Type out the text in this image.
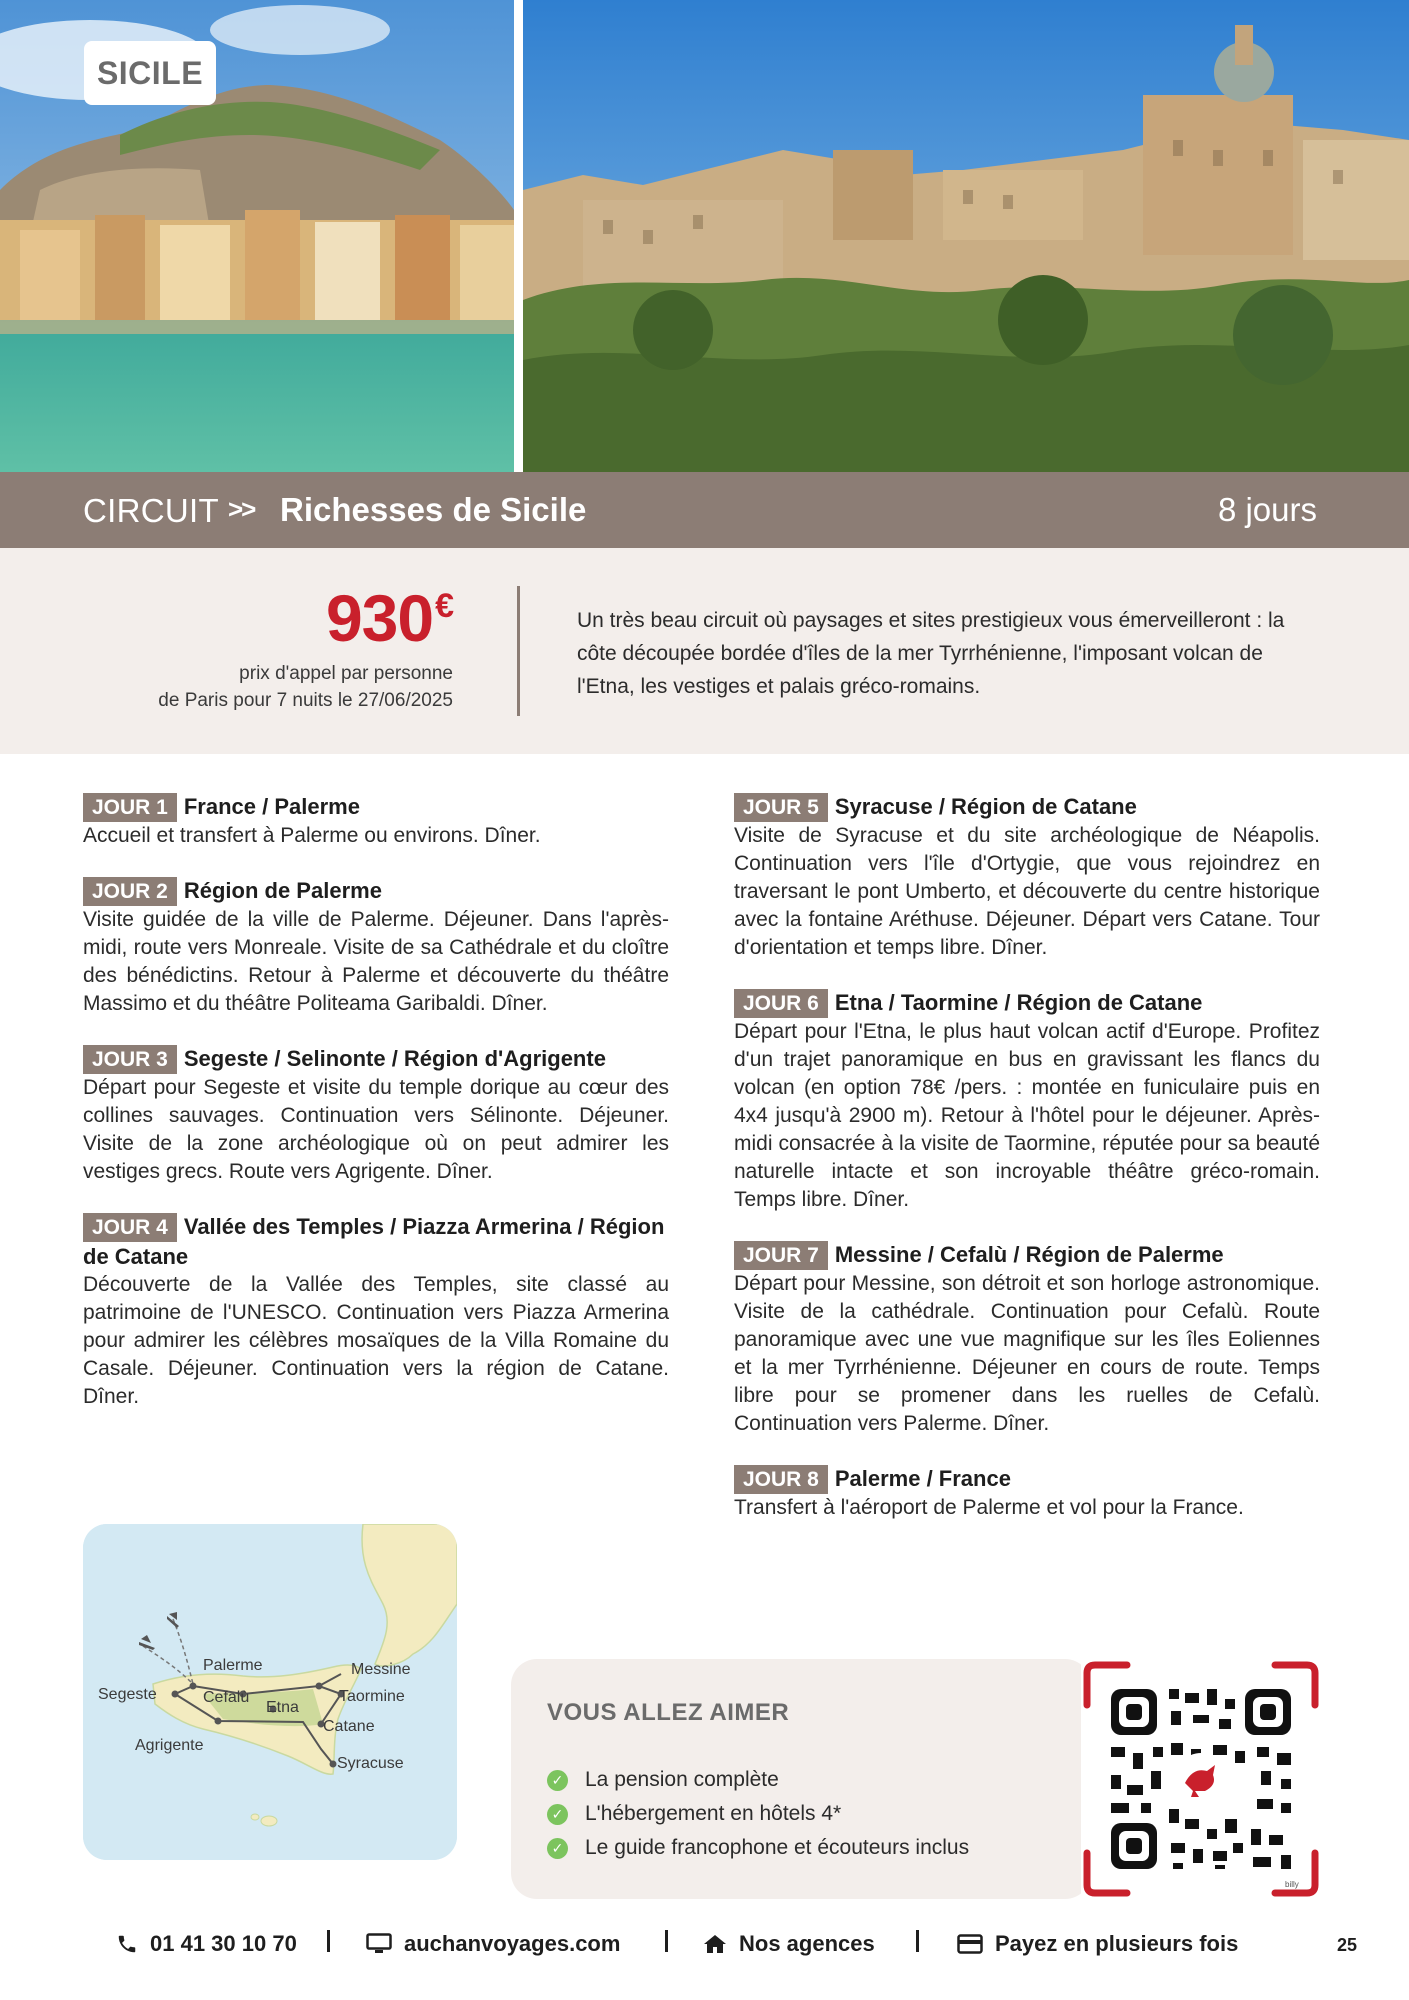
SICILE
CIRCUIT >> Richesses de Sicile	8 jours
930€
prix d'appel par personne
de Paris pour 7 nuits le 27/06/2025

Un très beau circuit où paysages et sites prestigieux vous émerveilleront : la côte découpée bordée d'îles de la mer Tyrrhénienne, l'imposant volcan de l'Etna, les vestiges et palais gréco-romains.

JOUR 1 France / Palerme

Accueil et transfert à Palerme ou environs. Dîner.

JOUR 2 Région de Palerme

Visite guidée de la ville de Palerme. Déjeuner. Dans l'après-midi, route vers Monreale. Visite de sa Cathédrale et du cloître des bénédictins. Retour à Palerme et découverte du théâtre Massimo et du théâtre Politeama Garibaldi. Dîner.

JOUR 3 Segeste / Selinonte / Région d'Agrigente

Départ pour Segeste et visite du temple dorique au cœur des collines sauvages. Continuation vers Sélinonte. Déjeuner. Visite de la zone archéologique où on peut admirer les vestiges grecs. Route vers Agrigente. Dîner.

JOUR 4 Vallée des Temples / Piazza Armerina / Région de Catane

Découverte de la Vallée des Temples, site classé au patrimoine de l'UNESCO. Continuation vers Piazza Armerina pour admirer les célèbres mosaïques de la Villa Romaine du Casale. Déjeuner. Continuation vers la région de Catane. Dîner.

JOUR 5 Syracuse / Région de Catane

Visite de Syracuse et du site archéologique de Néapolis. Continuation vers l'île d'Ortygie, que vous rejoindrez en traversant le pont Umberto, et découverte du centre historique avec la fontaine Aréthuse. Déjeuner. Départ vers Catane. Tour d'orientation et temps libre. Dîner.

JOUR 6 Etna / Taormine / Région de Catane

Départ pour l'Etna, le plus haut volcan actif d'Europe. Profitez d'un trajet panoramique en bus en gravissant les flancs du volcan (en option 78€ /pers. : montée en funiculaire puis en 4x4 jusqu'à 2900 m). Retour à l'hôtel pour le déjeuner. Après-midi consacrée à la visite de Taormine, réputée pour sa beauté naturelle intacte et son incroyable théâtre gréco-romain. Temps libre. Dîner.

JOUR 7 Messine / Cefalù / Région de Palerme

Départ pour Messine, son détroit et son horloge astronomique. Visite de la cathédrale. Continuation pour Cefalù. Route panoramique avec une vue magnifique sur les îles Eoliennes et la mer Tyrrhénienne. Déjeuner en cours de route. Temps libre pour se promener dans les ruelles de Cefalù. Continuation vers Palerme. Dîner.

JOUR 8 Palerme / France

Transfert à l'aéroport de Palerme et vol pour la France.

Palerme
Segeste	Cefalù
Etna
Messine
Taormine
Catane
Agrigente
Syracuse
VOUS ALLEZ AIMER
✓ La pension complète
✓ L'hébergement en hôtels 4*
✓ Le guide francophone et écouteurs inclus
billy
01 41 30 10 70	auchanvoyages.com	Nos agences	Payez en plusieurs fois	25
